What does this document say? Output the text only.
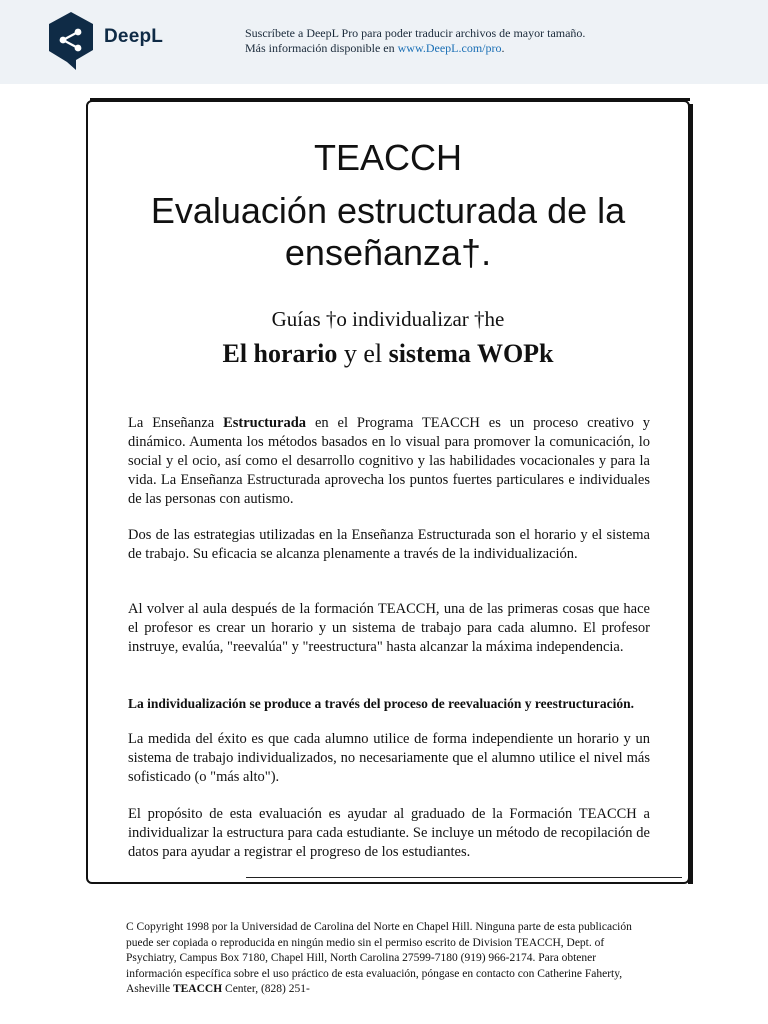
DeepL	Suscríbete a DeepL Pro para poder traducir archivos de mayor tamaño.
Más información disponible en www.DeepL.com/pro.
TEACCH
Evaluación estructurada de la
enseñanza†.
Guías †o individualizar †he
El horario y el sistema WOPk
La Enseñanza Estructurada en el Programa TEACCH es un proceso creativo y dinámico. Aumenta los métodos basados en lo visual para promover la comunicación, lo social y el ocio, así como el desarrollo cognitivo y las habilidades vocacionales y para la vida. La Enseñanza Estructurada aprovecha los puntos fuertes particulares e individuales de las personas con autismo.
Dos de las estrategias utilizadas en la Enseñanza Estructurada son el horario y el sistema de trabajo. Su eficacia se alcanza plenamente a través de la individualización.
Al volver al aula después de la formación TEACCH, una de las primeras cosas que hace el profesor es crear un horario y un sistema de trabajo para cada alumno. El profesor instruye, evalúa, "reevalúa" y "reestructura" hasta alcanzar la máxima independencia.
La individualización se produce a través del proceso de reevaluación y reestructuración.
La medida del éxito es que cada alumno utilice de forma independiente un horario y un sistema de trabajo individualizados, no necesariamente que el alumno utilice el nivel más sofisticado (o "más alto").
El propósito de esta evaluación es ayudar al graduado de la Formación TEACCH a individualizar la estructura para cada estudiante. Se incluye un método de recopilación de datos para ayudar a registrar el progreso de los estudiantes.
C Copyright 1998 por la Universidad de Carolina del Norte en Chapel Hill. Ninguna parte de esta publicación puede ser copiada o reproducida en ningún medio sin el permiso escrito de Division TEACCH, Dept. of Psychiatry, Campus Box 7180, Chapel Hill, North Carolina 27599-7180 (919) 966-2174. Para obtener información específica sobre el uso práctico de esta evaluación, póngase en contacto con Catherine Faherty, Asheville TEACCH Center, (828) 251-
